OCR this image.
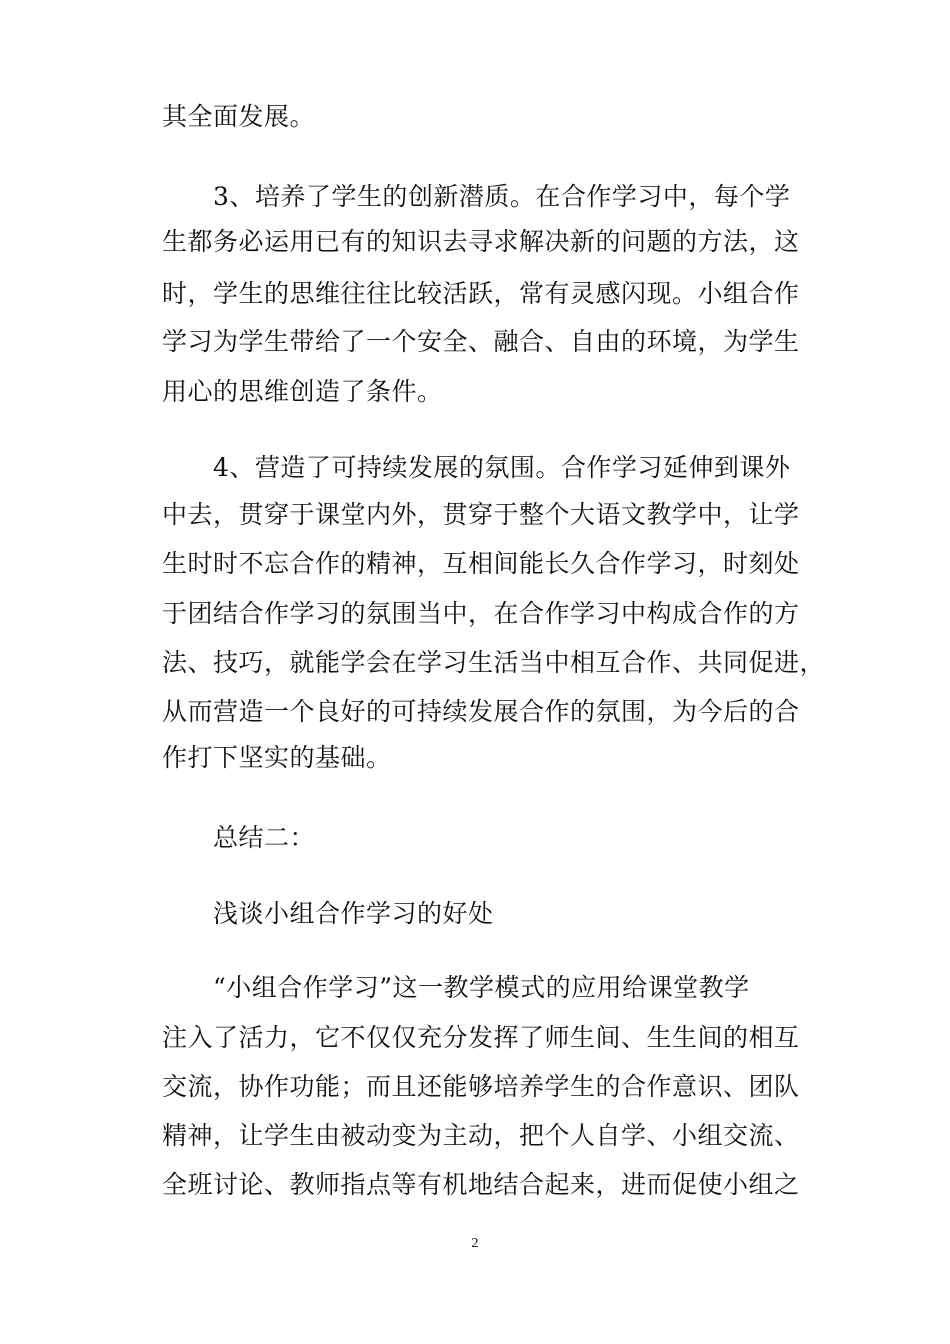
其全面发展。
3、培养了学生的创新潜质。在合作学习中，每个学
生都务必运用已有的知识去寻求解决新的问题的方法，这
时，学生的思维往往比较活跃，常有灵感闪现。小组合作
学习为学生带给了一个安全、融合、自由的环境，为学生
用心的思维创造了条件。
4、营造了可持续发展的氛围。合作学习延伸到课外
中去，贯穿于课堂内外，贯穿于整个大语文教学中，让学
生时时不忘合作的精神，互相间能长久合作学习，时刻处
于团结合作学习的氛围当中，在合作学习中构成合作的方
法、技巧，就能学会在学习生活当中相互合作、共同促进，
从而营造一个良好的可持续发展合作的氛围，为今后的合
作打下坚实的基础。
总结二：
浅谈小组合作学习的好处
“小组合作学习”这一教学模式的应用给课堂教学
注入了活力，它不仅仅充分发挥了师生间、生生间的相互
交流，协作功能；而且还能够培养学生的合作意识、团队
精神，让学生由被动变为主动，把个人自学、小组交流、
全班讨论、教师指点等有机地结合起来，进而促使小组之
2
